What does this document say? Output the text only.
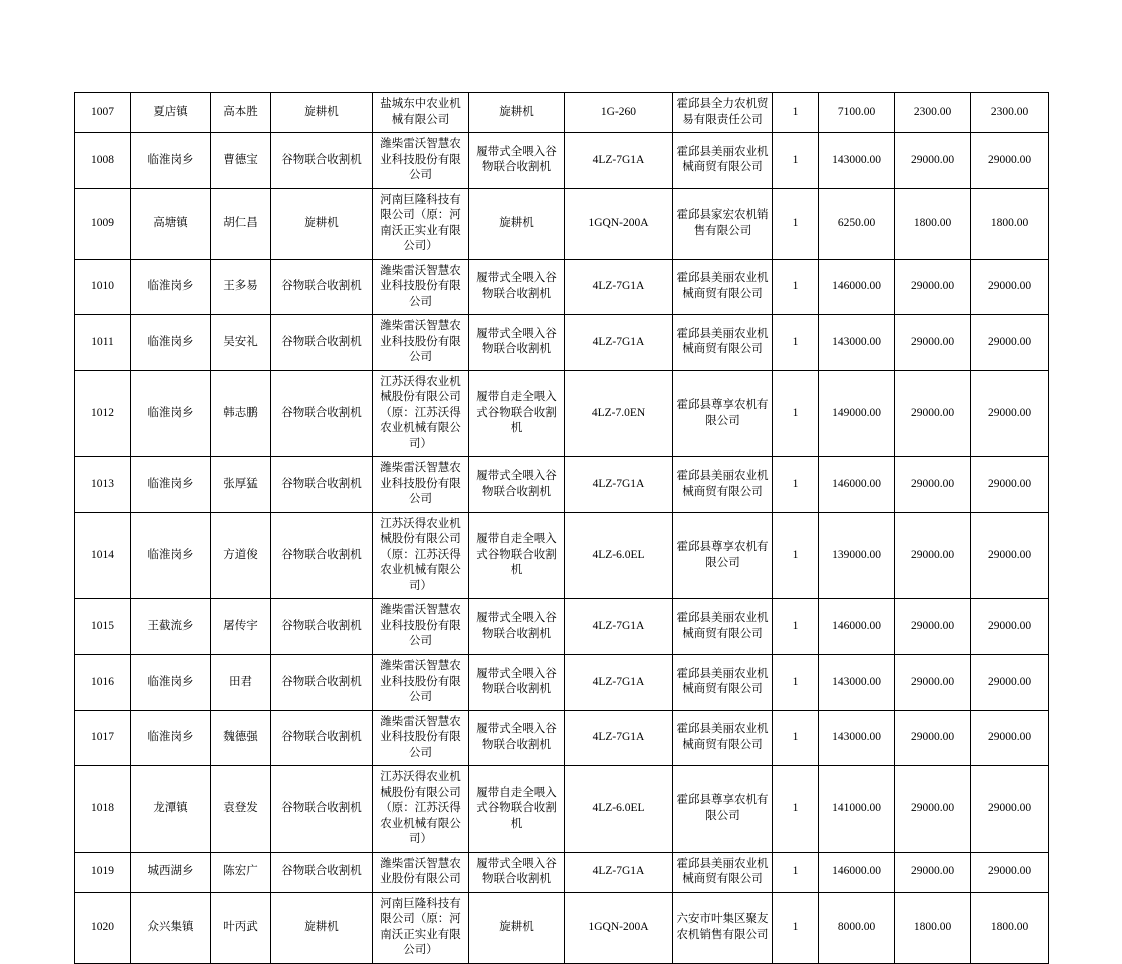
1007	夏店镇	高本胜	旋耕机	盐城东中农业机械有限公司	旋耕机	1G-260	霍邱县全力农机贸易有限责任公司	1	7100.00	2300.00	2300.00
1008	临淮岗乡	曹德宝	谷物联合收割机	潍柴雷沃智慧农业科技股份有限公司	履带式全喂入谷物联合收割机	4LZ-7G1A	霍邱县美丽农业机械商贸有限公司	1	143000.00	29000.00	29000.00
1009	高塘镇	胡仁昌	旋耕机	河南巨隆科技有限公司（原：河南沃正实业有限公司）	旋耕机	1GQN-200A	霍邱县家宏农机销售有限公司	1	6250.00	1800.00	1800.00
1010	临淮岗乡	王多易	谷物联合收割机	潍柴雷沃智慧农业科技股份有限公司	履带式全喂入谷物联合收割机	4LZ-7G1A	霍邱县美丽农业机械商贸有限公司	1	146000.00	29000.00	29000.00
1011	临淮岗乡	吴安礼	谷物联合收割机	潍柴雷沃智慧农业科技股份有限公司	履带式全喂入谷物联合收割机	4LZ-7G1A	霍邱县美丽农业机械商贸有限公司	1	143000.00	29000.00	29000.00
1012	临淮岗乡	韩志鹏	谷物联合收割机	江苏沃得农业机械股份有限公司（原：江苏沃得农业机械有限公司）	履带自走全喂入式谷物联合收割机	4LZ-7.0EN	霍邱县尊享农机有限公司	1	149000.00	29000.00	29000.00
1013	临淮岗乡	张厚猛	谷物联合收割机	潍柴雷沃智慧农业科技股份有限公司	履带式全喂入谷物联合收割机	4LZ-7G1A	霍邱县美丽农业机械商贸有限公司	1	146000.00	29000.00	29000.00
1014	临淮岗乡	方道俊	谷物联合收割机	江苏沃得农业机械股份有限公司（原：江苏沃得农业机械有限公司）	履带自走全喂入式谷物联合收割机	4LZ-6.0EL	霍邱县尊享农机有限公司	1	139000.00	29000.00	29000.00
1015	王截流乡	屠传宇	谷物联合收割机	潍柴雷沃智慧农业科技股份有限公司	履带式全喂入谷物联合收割机	4LZ-7G1A	霍邱县美丽农业机械商贸有限公司	1	146000.00	29000.00	29000.00
1016	临淮岗乡	田君	谷物联合收割机	潍柴雷沃智慧农业科技股份有限公司	履带式全喂入谷物联合收割机	4LZ-7G1A	霍邱县美丽农业机械商贸有限公司	1	143000.00	29000.00	29000.00
1017	临淮岗乡	魏德强	谷物联合收割机	潍柴雷沃智慧农业科技股份有限公司	履带式全喂入谷物联合收割机	4LZ-7G1A	霍邱县美丽农业机械商贸有限公司	1	143000.00	29000.00	29000.00
1018	龙潭镇	袁登发	谷物联合收割机	江苏沃得农业机械股份有限公司（原：江苏沃得农业机械有限公司）	履带自走全喂入式谷物联合收割机	4LZ-6.0EL	霍邱县尊享农机有限公司	1	141000.00	29000.00	29000.00
1019	城西湖乡	陈宏广	谷物联合收割机	潍柴雷沃智慧农业股份有限公司	履带式全喂入谷物联合收割机	4LZ-7G1A	霍邱县美丽农业机械商贸有限公司	1	146000.00	29000.00	29000.00
1020	众兴集镇	叶丙武	旋耕机	河南巨隆科技有限公司（原：河南沃正实业有限公司）	旋耕机	1GQN-200A	六安市叶集区聚友农机销售有限公司	1	8000.00	1800.00	1800.00
